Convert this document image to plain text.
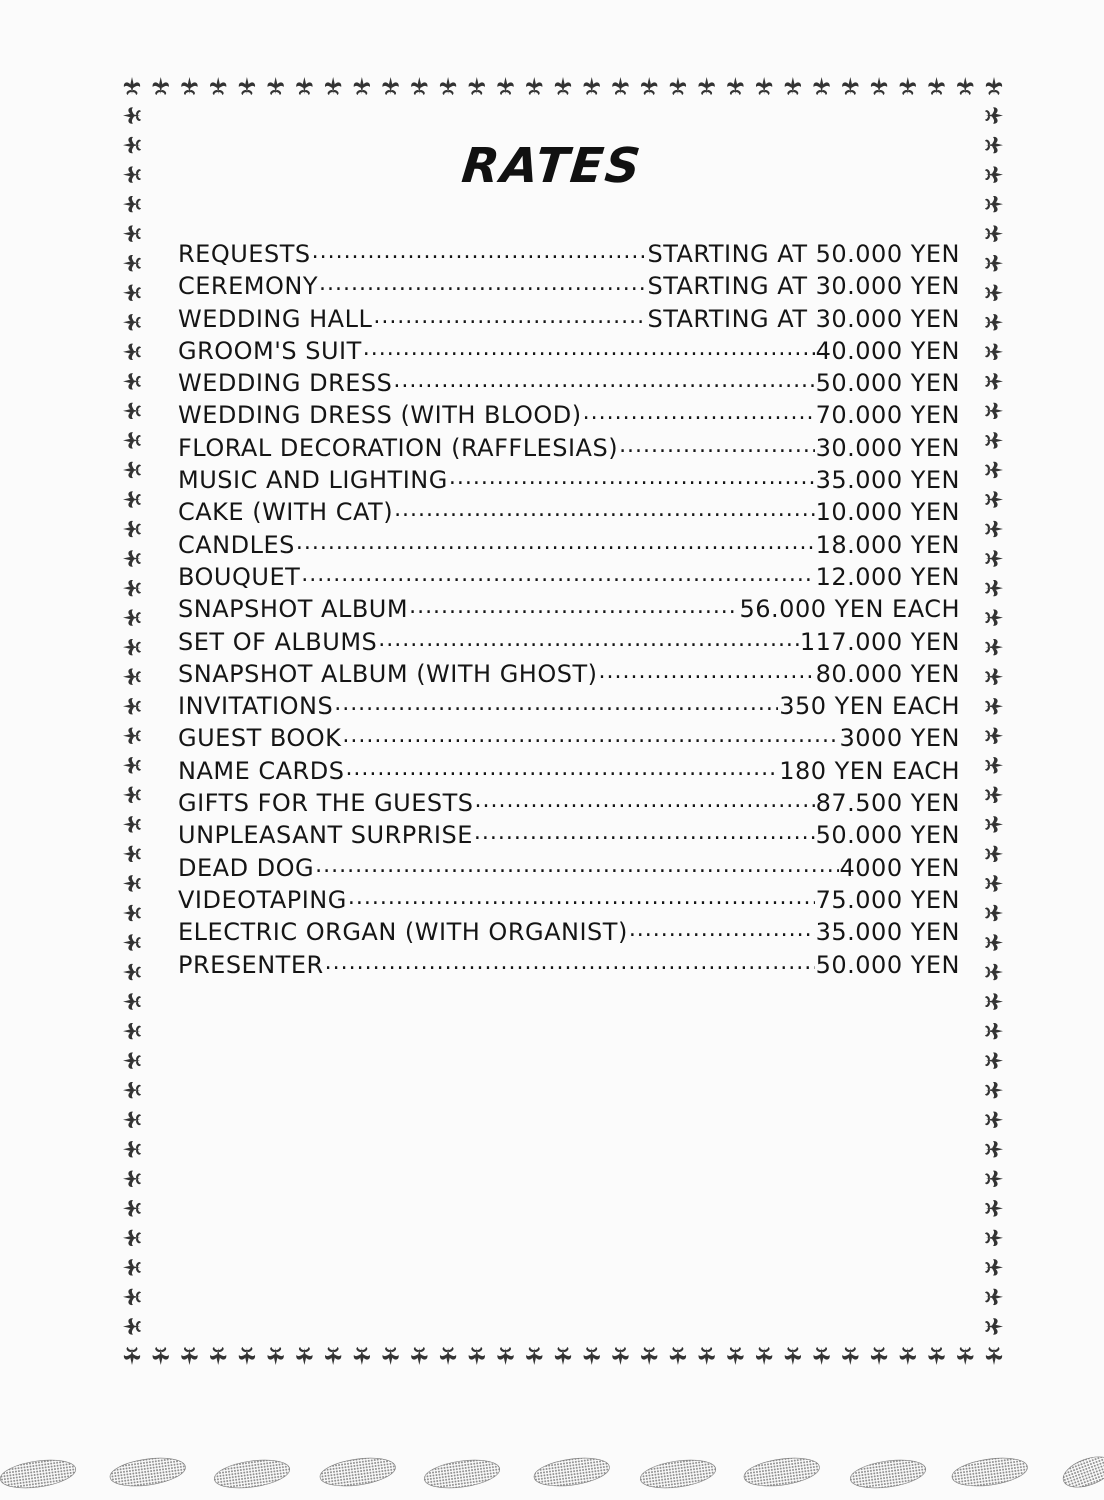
RATES
REQUESTS .....	STARTING AT 50.000 YEN
CEREMONY .....	STARTING AT 30.000 YEN
WEDDING HALL .....	STARTING AT 30.000 YEN
GROOM'S SUIT .....	40.000 YEN
WEDDING DRESS .....	50.000 YEN
WEDDING DRESS (WITH BLOOD) .....	70.000 YEN
FLORAL DECORATION (RAFFLESIAS) .....	30.000 YEN
MUSIC AND LIGHTING .....	35.000 YEN
CAKE (WITH CAT) .....	10.000 YEN
CANDLES .....	18.000 YEN
BOUQUET .....	12.000 YEN
SNAPSHOT ALBUM .....	56.000 YEN EACH
SET OF ALBUMS .....	117.000 YEN
SNAPSHOT ALBUM (WITH GHOST) .....	80.000 YEN
INVITATIONS .....	350 YEN EACH
GUEST BOOK .....	3000 YEN
NAME CARDS .....	180 YEN EACH
GIFTS FOR THE GUESTS .....	87.500 YEN
UNPLEASANT SURPRISE .....	50.000 YEN
DEAD DOG .....	4000 YEN
VIDEOTAPING .....	75.000 YEN
ELECTRIC ORGAN (WITH ORGANIST) .....	35.000 YEN
PRESENTER .....	50.000 YEN
